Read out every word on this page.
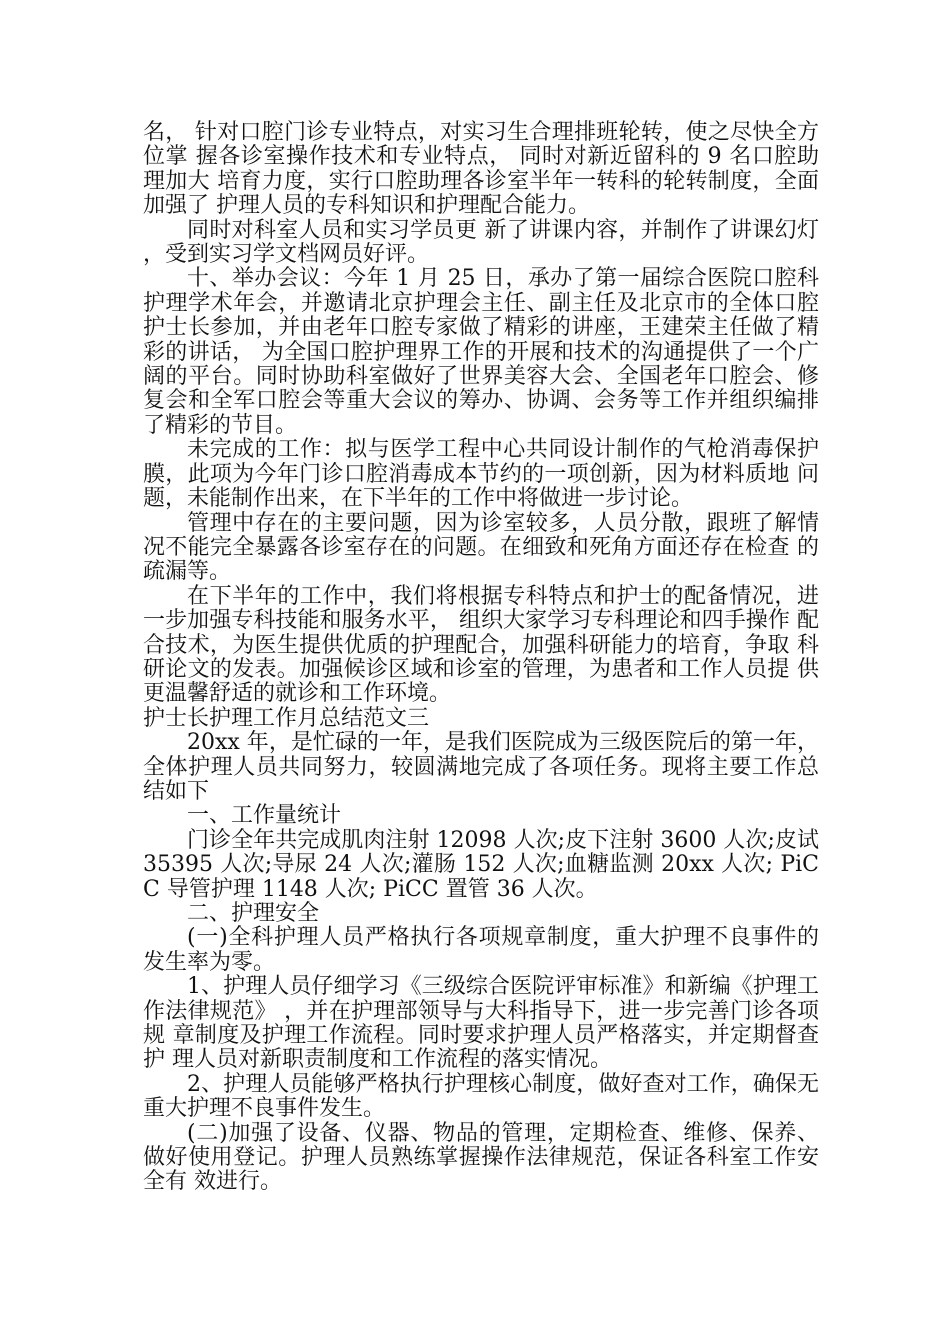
名， 针对口腔门诊专业特点，对实习生合理排班轮转，使之尽快全方位掌 握各诊室操作技术和专业特点， 同时对新近留科的 9 名口腔助理加大 培育力度，实行口腔助理各诊室半年一转科的轮转制度，全面加强了 护理人员的专科知识和护理配合能力。

同时对科室人员和实习学员更 新了讲课内容，并制作了讲课幻灯，受到实习学文档网员好评。

十、举办会议：今年 1 月 25 日，承办了第一届综合医院口腔科 护理学术年会，并邀请北京护理会主任、副主任及北京市的全体口腔 护士长参加，并由老年口腔专家做了精彩的讲座，王建荣主任做了精 彩的讲话， 为全国口腔护理界工作的开展和技术的沟通提供了一个广 阔的平台。同时协助科室做好了世界美容大会、全国老年口腔会、修 复会和全军口腔会等重大会议的筹办、协调、会务等工作并组织编排 了精彩的节目。

未完成的工作：拟与医学工程中心共同设计制作的气枪消毒保护膜，此项为今年门诊口腔消毒成本节约的一项创新，因为材料质地 问题，未能制作出来，在下半年的工作中将做进一步讨论。

管理中存在的主要问题，因为诊室较多，人员分散，跟班了解情况不能完全暴露各诊室存在的问题。在细致和死角方面还存在检查 的疏漏等。

在下半年的工作中，我们将根据专科特点和护士的配备情况，进一步加强专科技能和服务水平， 组织大家学习专科理论和四手操作 配合技术，为医生提供优质的护理配合，加强科研能力的培育，争取 科研论文的发表。加强候诊区域和诊室的管理，为患者和工作人员提 供更温馨舒适的就诊和工作环境。

护士长护理工作月总结范文三

20xx 年，是忙碌的一年，是我们医院成为三级医院后的第一年， 全体护理人员共同努力，较圆满地完成了各项任务。现将主要工作总 结如下

一、工作量统计

门诊全年共完成肌肉注射 12098 人次;皮下注射 3600 人次;皮试 35395 人次;导尿 24 人次;灌肠 152 人次;血糖监测 20xx 人次; PiCC 导管护理 1148 人次; PiCC 置管 36 人次。

二、护理安全

(一)全科护理人员严格执行各项规章制度，重大护理不良事件的 发生率为零。

1、护理人员仔细学习《三级综合医院评审标准》和新编《护理工作法律规范》 ，并在护理部领导与大科指导下，进一步完善门诊各项规 章制度及护理工作流程。同时要求护理人员严格落实，并定期督查护 理人员对新职责制度和工作流程的落实情况。

2、护理人员能够严格执行护理核心制度，做好查对工作，确保无重大护理不良事件发生。

(二)加强了设备、仪器、物品的管理，定期检查、维修、保养、 做好使用登记。护理人员熟练掌握操作法律规范，保证各科室工作安全有 效进行。
